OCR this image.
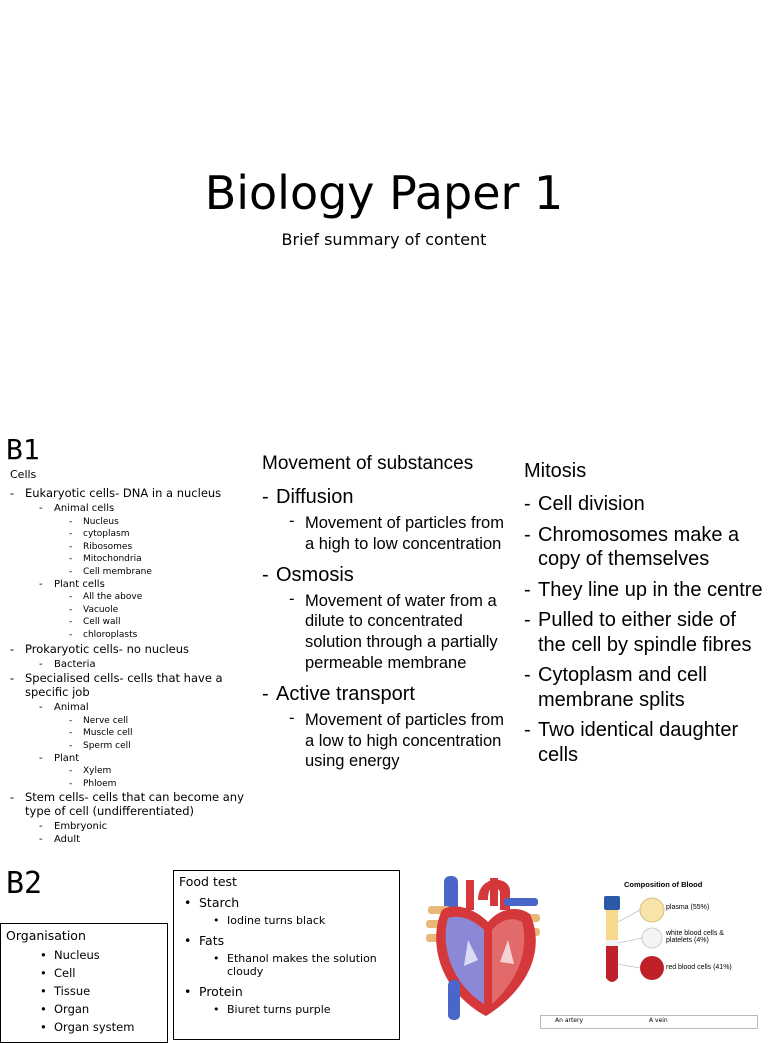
Biology Paper 1
Brief summary of content
B1
Cells
- Eukaryotic cells- DNA in a nucleus
- Animal cells
- Nucleus
- cytoplasm
- Ribosomes
- Mitochondria
- Cell membrane
- Plant cells
- All the above
- Vacuole
- Cell wall
- chloroplasts
- Prokaryotic cells- no nucleus
- Bacteria
- Specialised cells- cells that have a specific job
- Animal
- Nerve cell
- Muscle cell
- Sperm cell
- Plant
- Xylem
- Phloem
- Stem cells- cells that can become any type of cell (undifferentiated)
- Embryonic
- Adult
Movement of substances
- Diffusion
- Movement of particles from a high to low concentration
- Osmosis
- Movement of water from a dilute to concentrated solution through a partially permeable membrane
- Active transport
- Movement of particles from a low to high concentration using energy
Mitosis
- Cell division
- Chromosomes make a copy of themselves
- They line up in the centre
- Pulled to either side of the cell by spindle fibres
- Cytoplasm and cell membrane splits
- Two identical daughter cells
B2
Organisation
• Nucleus
• Cell
• Tissue
• Organ
• Organ system
Food test
• Starch
• Iodine turns black
• Fats
• Ethanol makes the solution cloudy
• Protein
• Biuret turns purple
Composition of Blood
plasma (55%)
white blood cells & platelets (4%)
red blood cells (41%)
An artery	A vein
